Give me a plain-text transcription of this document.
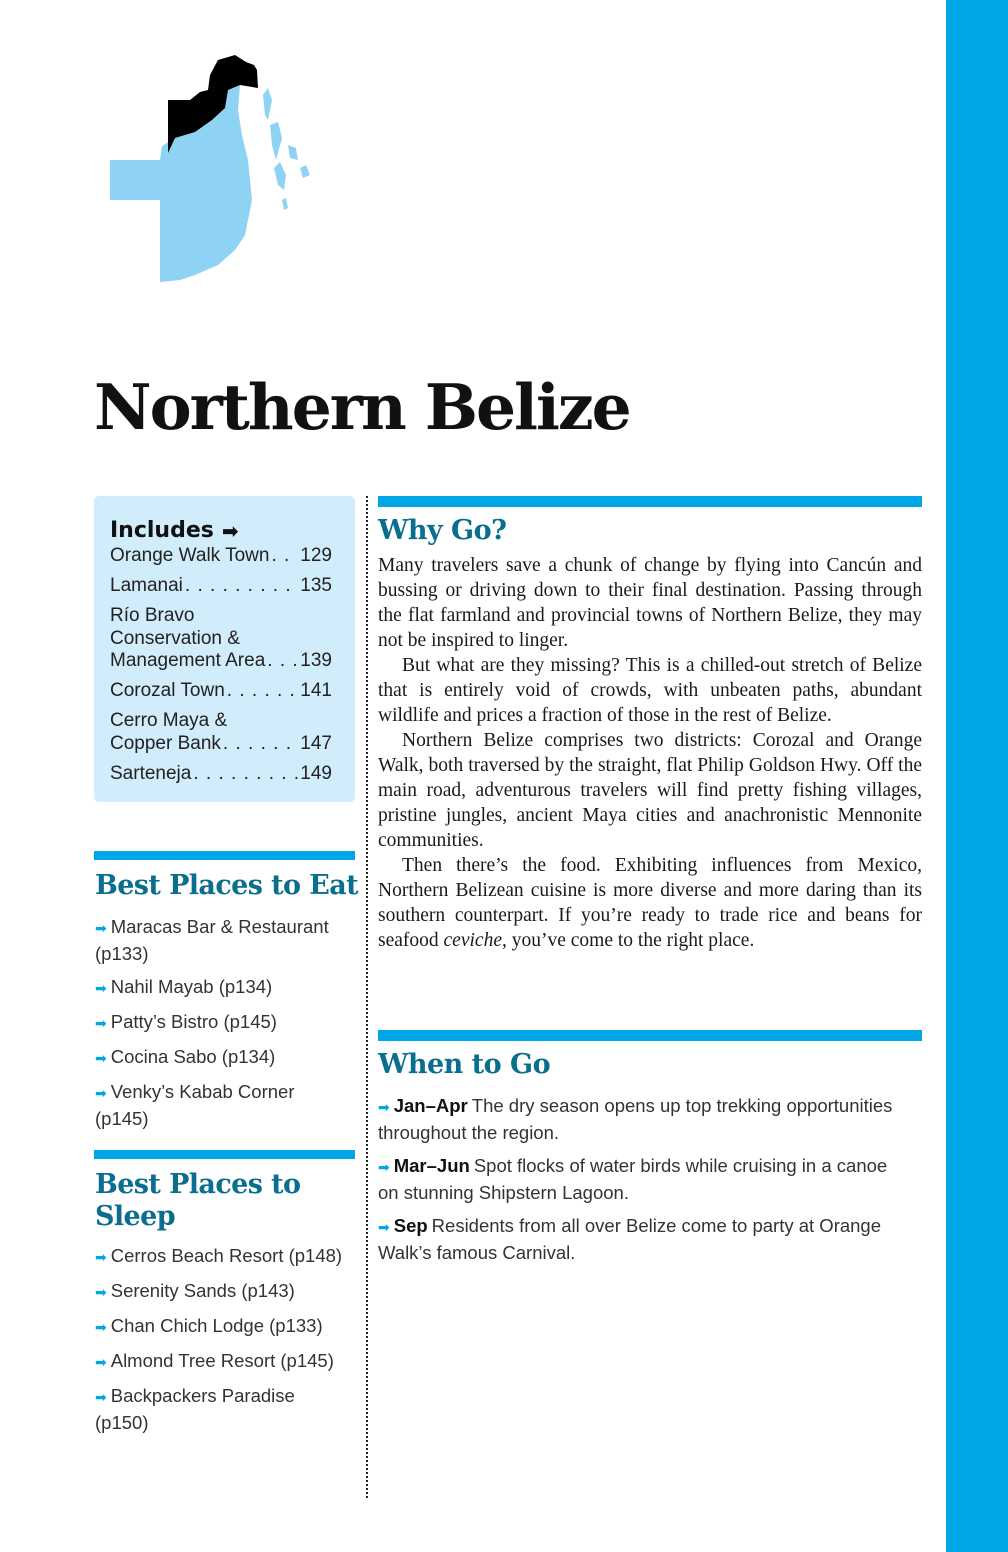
Northern Belize
Includes ➡
Orange Walk Town . . . 129
Lamanai . . .	135
Río Bravo
Conservation &
Management Area . . . 139
Corozal Town . . .	141
Cerro Maya &
Copper Bank . . .	147
Sarteneja . . .	149
Best Places to Eat
➡ Maracas Bar & Restaurant (p133)
➡ Nahil Mayab (p134)
➡ Patty’s Bistro (p145)
➡ Cocina Sabo (p134)
➡ Venky’s Kabab Corner (p145)
Best Places to Sleep
➡ Cerros Beach Resort (p148)
➡ Serenity Sands (p143)
➡ Chan Chich Lodge (p133)
➡ Almond Tree Resort (p145)
➡ Backpackers Paradise (p150)
Why Go?

Many travelers save a chunk of change by flying into Cancún and bussing or driving down to their final destination. Passing through the flat farmland and provincial towns of Northern Belize, they may not be inspired to linger.

But what are they missing? This is a chilled-out stretch of Belize that is entirely void of crowds, with unbeaten paths, abundant wildlife and prices a fraction of those in the rest of Belize.

Northern Belize comprises two districts: Corozal and Orange Walk, both traversed by the straight, flat Philip Goldson Hwy. Off the main road, adventurous travelers will find pretty fishing villages, pristine jungles, ancient Maya cities and anachronistic Mennonite communities.

Then there’s the food. Exhibiting influences from Mexico, Northern Belizean cuisine is more diverse and more daring than its southern counterpart. If you’re ready to trade rice and beans for seafood ceviche, you’ve come to the right place.

When to Go
➡ Jan–Apr The dry season opens up top trekking opportunities throughout the region.
➡ Mar–Jun Spot flocks of water birds while cruising in a canoe on stunning Shipstern Lagoon.
➡ Sep Residents from all over Belize come to party at Orange Walk’s famous Carnival.
